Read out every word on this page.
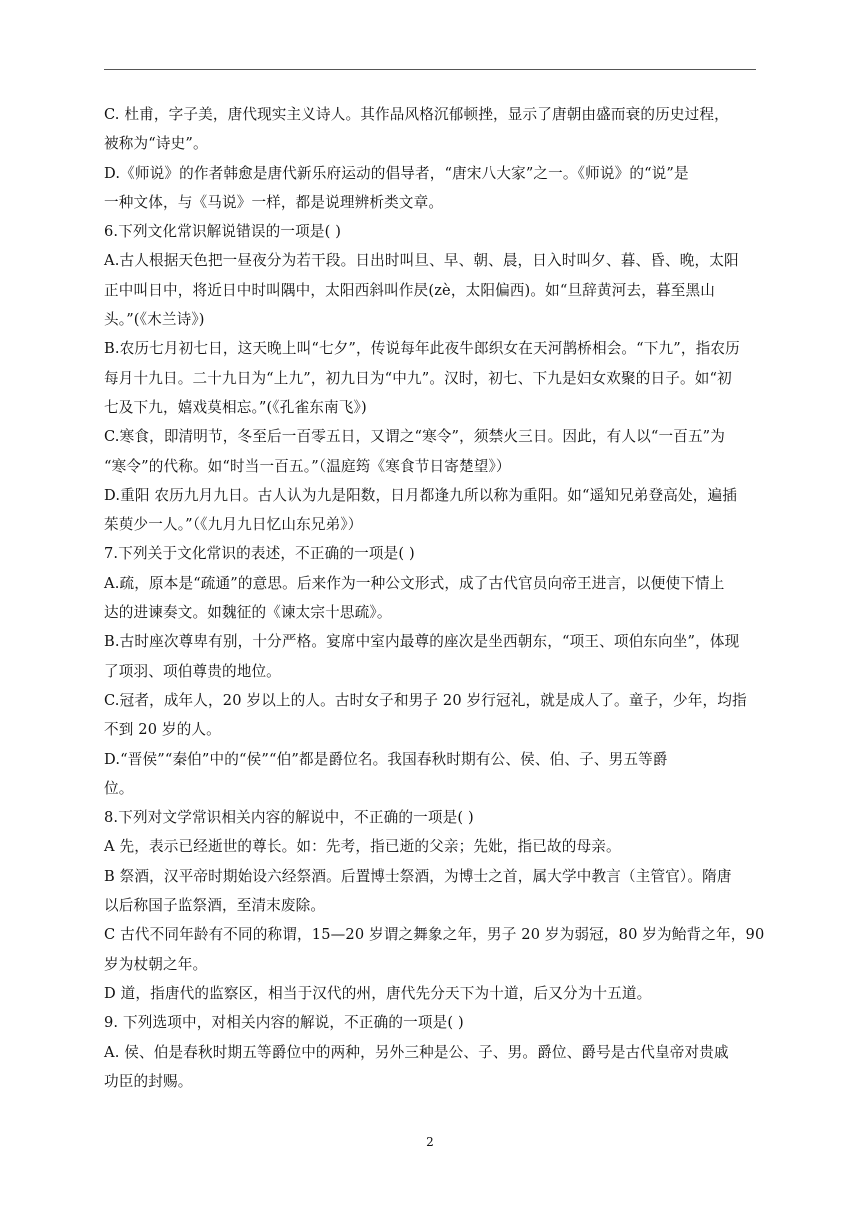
C. 杜甫，字子美，唐代现实主义诗人。其作品风格沉郁顿挫，显示了唐朝由盛而衰的历史过程，
被称为“诗史”。
D.《师说》的作者韩愈是唐代新乐府运动的倡导者，“唐宋八大家”之一。《师说》的“说”是
一种文体，与《马说》一样，都是说理辨析类文章。
6.下列文化常识解说错误的一项是( )
A.古人根据天色把一昼夜分为若干段。日出时叫旦、早、朝、晨，日入时叫夕、暮、昏、晚，太阳
正中叫日中，将近日中时叫隅中，太阳西斜叫作昃(zè，太阳偏西)。如“旦辞黄河去，暮至黑山
头。”(《木兰诗》)
B.农历七月初七日，这天晚上叫“七夕”，传说每年此夜牛郎织女在天河鹊桥相会。“下九”，指农历
每月十九日。二十九日为“上九”，初九日为“中九”。汉时，初七、下九是妇女欢聚的日子。如“初
七及下九，嬉戏莫相忘。”(《孔雀东南飞》)
C.寒食，即清明节，冬至后一百零五日，又谓之“寒令”，须禁火三日。因此，有人以“一百五”为
“寒令”的代称。如“时当一百五。”（温庭筠《寒食节日寄楚望》）
D.重阳 农历九月九日。古人认为九是阳数，日月都逢九所以称为重阳。如“遥知兄弟登高处，遍插
茱萸少一人。”（《九月九日忆山东兄弟》）
7.下列关于文化常识的表述，不正确的一项是( )
A.疏，原本是“疏通”的意思。后来作为一种公文形式，成了古代官员向帝王进言，以便使下情上
达的进谏奏文。如魏征的《谏太宗十思疏》。
B.古时座次尊卑有别，十分严格。宴席中室内最尊的座次是坐西朝东，“项王、项伯东向坐”，体现
了项羽、项伯尊贵的地位。
C.冠者，成年人，20 岁以上的人。古时女子和男子 20 岁行冠礼，就是成人了。童子，少年，均指
不到 20 岁的人。
D.“晋侯”“秦伯”中的“侯”“伯”都是爵位名。我国春秋时期有公、侯、伯、子、男五等爵
位。
8.下列对文学常识相关内容的解说中，不正确的一项是( )
A 先，表示已经逝世的尊长。如：先考，指已逝的父亲；先妣，指已故的母亲。
B 祭酒，汉平帝时期始设六经祭酒。后置博士祭酒，为博士之首，属大学中教言（主管官）。隋唐
以后称国子监祭酒，至清末废除。
C 古代不同年龄有不同的称谓，15—20 岁谓之舞象之年，男子 20 岁为弱冠，80 岁为鲐背之年，90
岁为杖朝之年。
D 道，指唐代的监察区，相当于汉代的州，唐代先分天下为十道，后又分为十五道。
9. 下列选项中，对相关内容的解说，不正确的一项是( )
A. 侯、伯是春秋时期五等爵位中的两种，另外三种是公、子、男。爵位、爵号是古代皇帝对贵戚
功臣的封赐。
2
